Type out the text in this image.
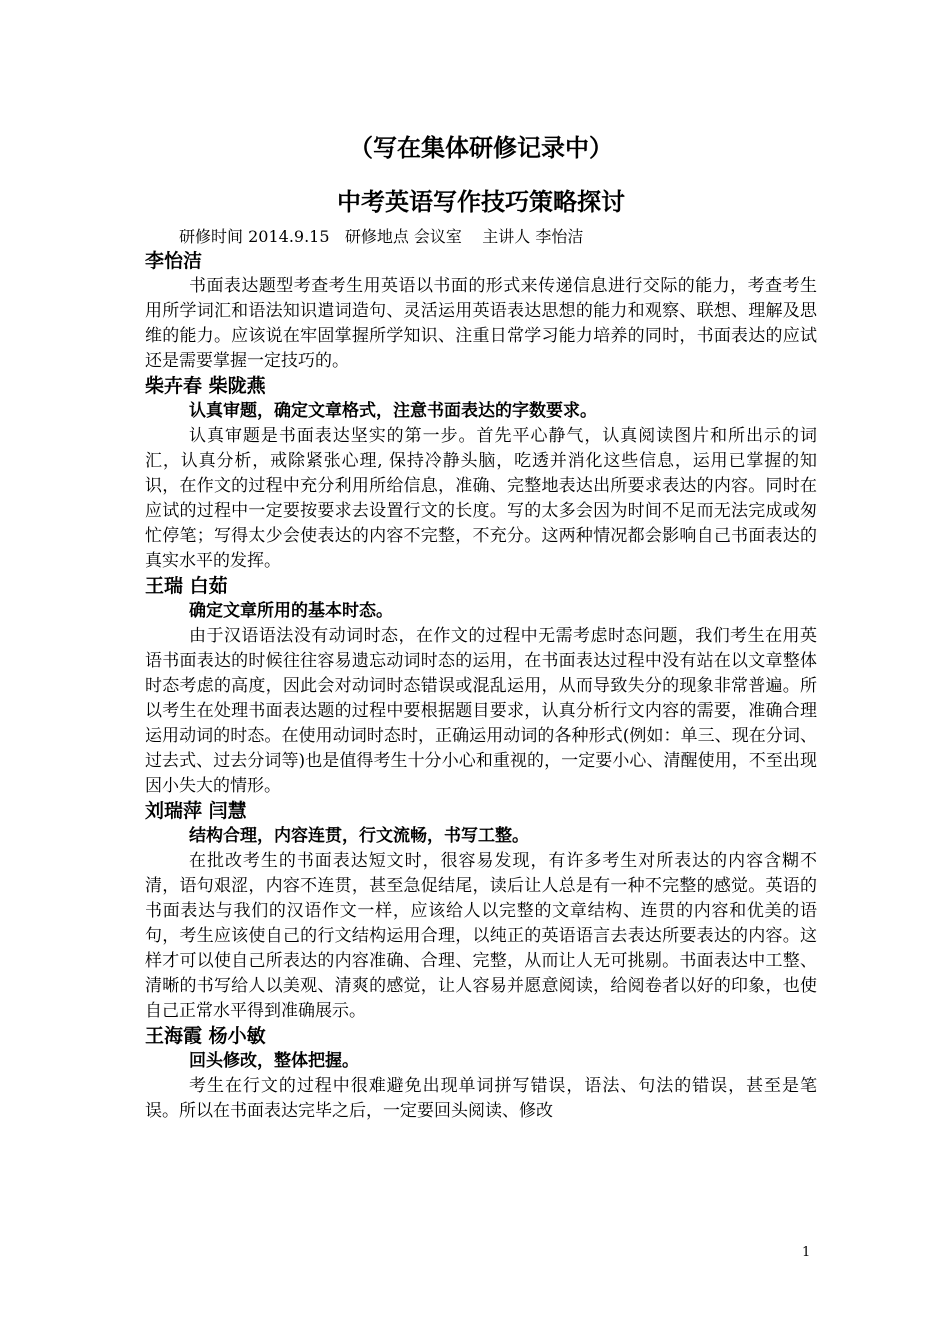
（写在集体研修记录中）

中考英语写作技巧策略探讨

研修时间 2014.9.15 研修地点 会议室 主讲人 李怡洁

李怡洁

书面表达题型考查考生用英语以书面的形式来传递信息进行交际的能力，考查考生用所学词汇和语法知识遣词造句、灵活运用英语表达思想的能力和观察、联想、理解及思维的能力。应该说在牢固掌握所学知识、注重日常学习能力培养的同时，书面表达的应试还是需要掌握一定技巧的。

柴卉春 柴陇燕

认真审题，确定文章格式，注意书面表达的字数要求。

认真审题是书面表达坚实的第一步。首先平心静气，认真阅读图片和所出示的词汇，认真分析，戒除紧张心理, 保持冷静头脑，吃透并消化这些信息，运用已掌握的知识，在作文的过程中充分利用所给信息，准确、完整地表达出所要求表达的内容。同时在应试的过程中一定要按要求去设置行文的长度。写的太多会因为时间不足而无法完成或匆忙停笔；写得太少会使表达的内容不完整，不充分。这两种情况都会影响自己书面表达的真实水平的发挥。

王瑞 白茹

确定文章所用的基本时态。

由于汉语语法没有动词时态，在作文的过程中无需考虑时态问题，我们考生在用英语书面表达的时候往往容易遗忘动词时态的运用，在书面表达过程中没有站在以文章整体时态考虑的高度，因此会对动词时态错误或混乱运用，从而导致失分的现象非常普遍。所以考生在处理书面表达题的过程中要根据题目要求，认真分析行文内容的需要，准确合理运用动词的时态。在使用动词时态时，正确运用动词的各种形式(例如：单三、现在分词、过去式、过去分词等)也是值得考生十分小心和重视的，一定要小心、清醒使用，不至出现因小失大的情形。

刘瑞萍 闫慧

结构合理，内容连贯，行文流畅，书写工整。

在批改考生的书面表达短文时，很容易发现，有许多考生对所表达的内容含糊不清，语句艰涩，内容不连贯，甚至急促结尾，读后让人总是有一种不完整的感觉。英语的书面表达与我们的汉语作文一样，应该给人以完整的文章结构、连贯的内容和优美的语句，考生应该使自己的行文结构运用合理，以纯正的英语语言去表达所要表达的内容。这样才可以使自己所表达的内容准确、合理、完整，从而让人无可挑剔。书面表达中工整、清晰的书写给人以美观、清爽的感觉，让人容易并愿意阅读，给阅卷者以好的印象，也使自己正常水平得到准确展示。

王海霞 杨小敏

回头修改，整体把握。

考生在行文的过程中很难避免出现单词拼写错误，语法、句法的错误，甚至是笔误。所以在书面表达完毕之后，一定要回头阅读、修改

1
